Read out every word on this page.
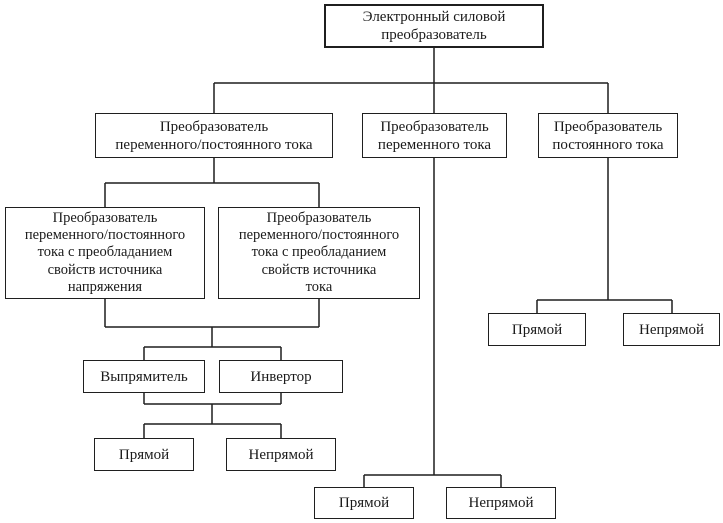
Электронный силовой
преобразователь
Преобразователь
переменного/постоянного тока
Преобразователь
переменного тока
Преобразователь
постоянного тока
Преобразователь
переменного/постоянного
тока с преобладанием
свойств источника
напряжения
Преобразователь
переменного/постоянного
тока с преобладанием
свойств источника
тока
Выпрямитель	Инвертор
Прямой	Непрямой
Прямой	Непрямой
Прямой	Непрямой
